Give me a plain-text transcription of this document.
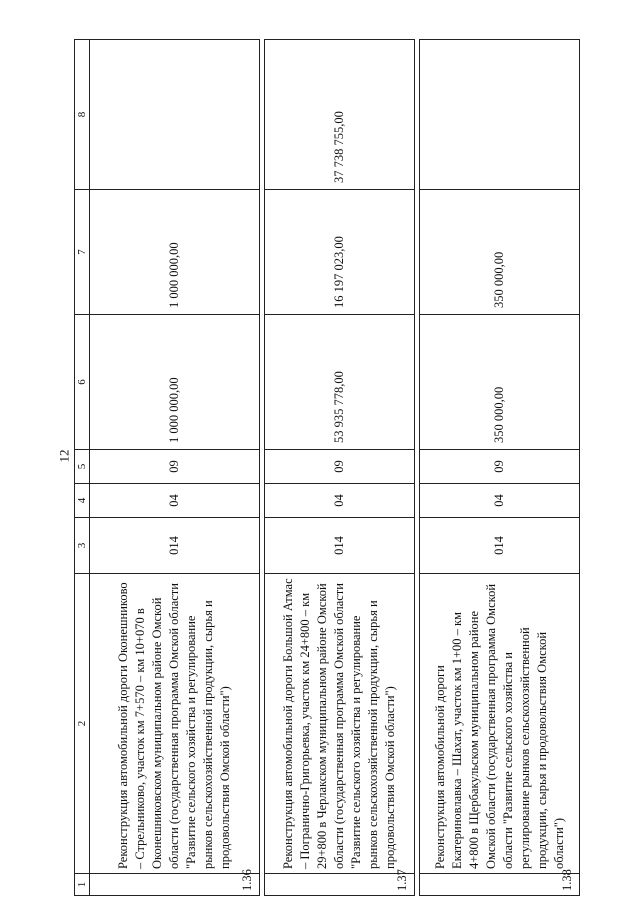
12
1	2	3	4	5	6	7	8
1.36	Реконструкция автомобильной дороги Оконешниково – Стрельниково, участок км 7+570 – км 10+070 в Оконешниковском муниципальном районе Омской области (государственная программа Омской области "Развитие сельского хозяйства и регулирование рынков сельскохозяйственной продукции, сырья и продовольствия Омской области")	014	04	09	1 000 000,00	1 000 000,00	

1.37	Реконструкция автомобильной дороги Большой Атмас – Погранично-Григорьевка, участок км 24+800 – км 29+800 в Черлакском муниципальном районе Омской области (государственная программа Омской области "Развитие сельского хозяйства и регулирование рынков сельскохозяйственной продукции, сырья и продовольствия Омской области")	014	04	09	53 935 778,00	16 197 023,00	37 738 755,00

1.38	Реконструкция автомобильной дороги Екатериновлавка – Шахат, участок км 1+00 – км 4+800 в Щербакульском муниципальном районе Омской области (государственная программа Омской области "Развитие сельского хозяйства и регулирование рынков сельскохозяйственной продукции, сырья и продовольствия Омской области")	014	04	09	350 000,00	350 000,00	
